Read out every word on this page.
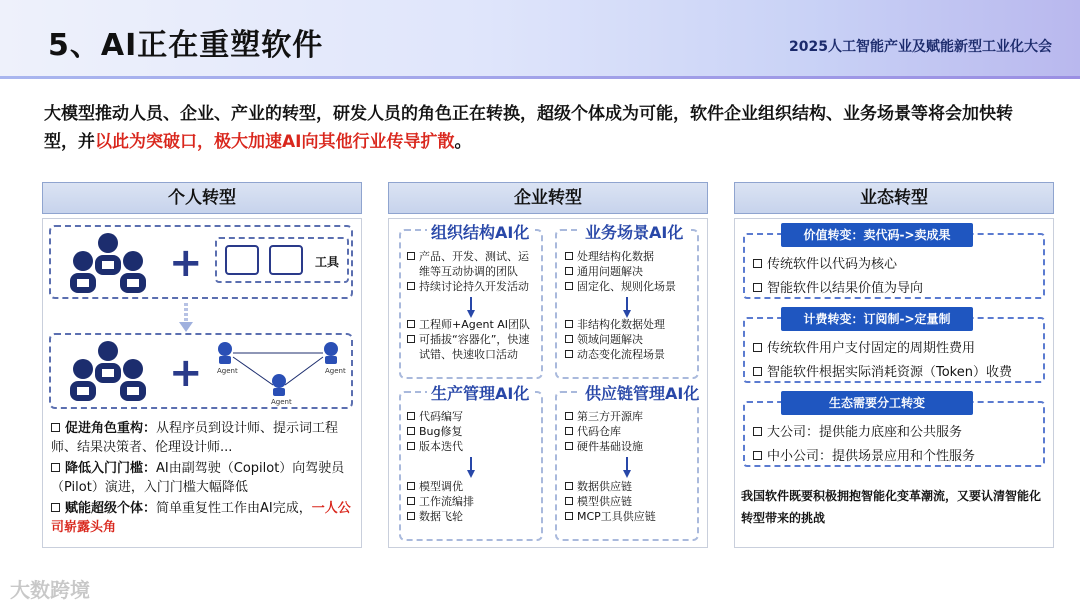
5、AI正在重塑软件	2025人工智能产业及赋能新型工业化大会
大模型推动人员、企业、产业的转型，研发人员的角色正在转换，超级个体成为可能，软件企业组织结构、业务场景等将会加快转型，并以此为突破口，极大加速AI向其他行业传导扩散。
个人转型
+	工具
+ Agent	Agent
Agent
促进角色重构：从程序员到设计师、提示词工程师、结果决策者、伦理设计师...
降低入门门槛：AI由副驾驶（Copilot）向驾驶员（Pilot）演进，入门门槛大幅降低
赋能超级个体：简单重复性工作由AI完成，一人公司崭露头角
企业转型
组织结构AI化
产品、开发、测试、运维等互动协调的团队
持续讨论持久开发活动
工程师+Agent AI团队
可插拔“容器化”，快速试错、快速收口活动
业务场景AI化
处理结构化数据
通用问题解决
固定化、规则化场景
非结构化数据处理
领域问题解决
动态变化流程场景
生产管理AI化
代码编写
Bug修复
版本迭代
模型调优
工作流编排
数据飞轮
供应链管理AI化
第三方开源库
代码仓库
硬件基础设施
数据供应链
模型供应链
MCP工具供应链
业态转型
价值转变：卖代码->卖成果
传统软件以代码为核心
智能软件以结果价值为导向
计费转变：订阅制->定量制
传统软件用户支付固定的周期性费用
智能软件根据实际消耗资源（Token）收费
生态需要分工转变
大公司：提供能力底座和公共服务
中小公司：提供场景应用和个性服务
我国软件既要积极拥抱智能化变革潮流，又要认清智能化转型带来的挑战
大数跨境
